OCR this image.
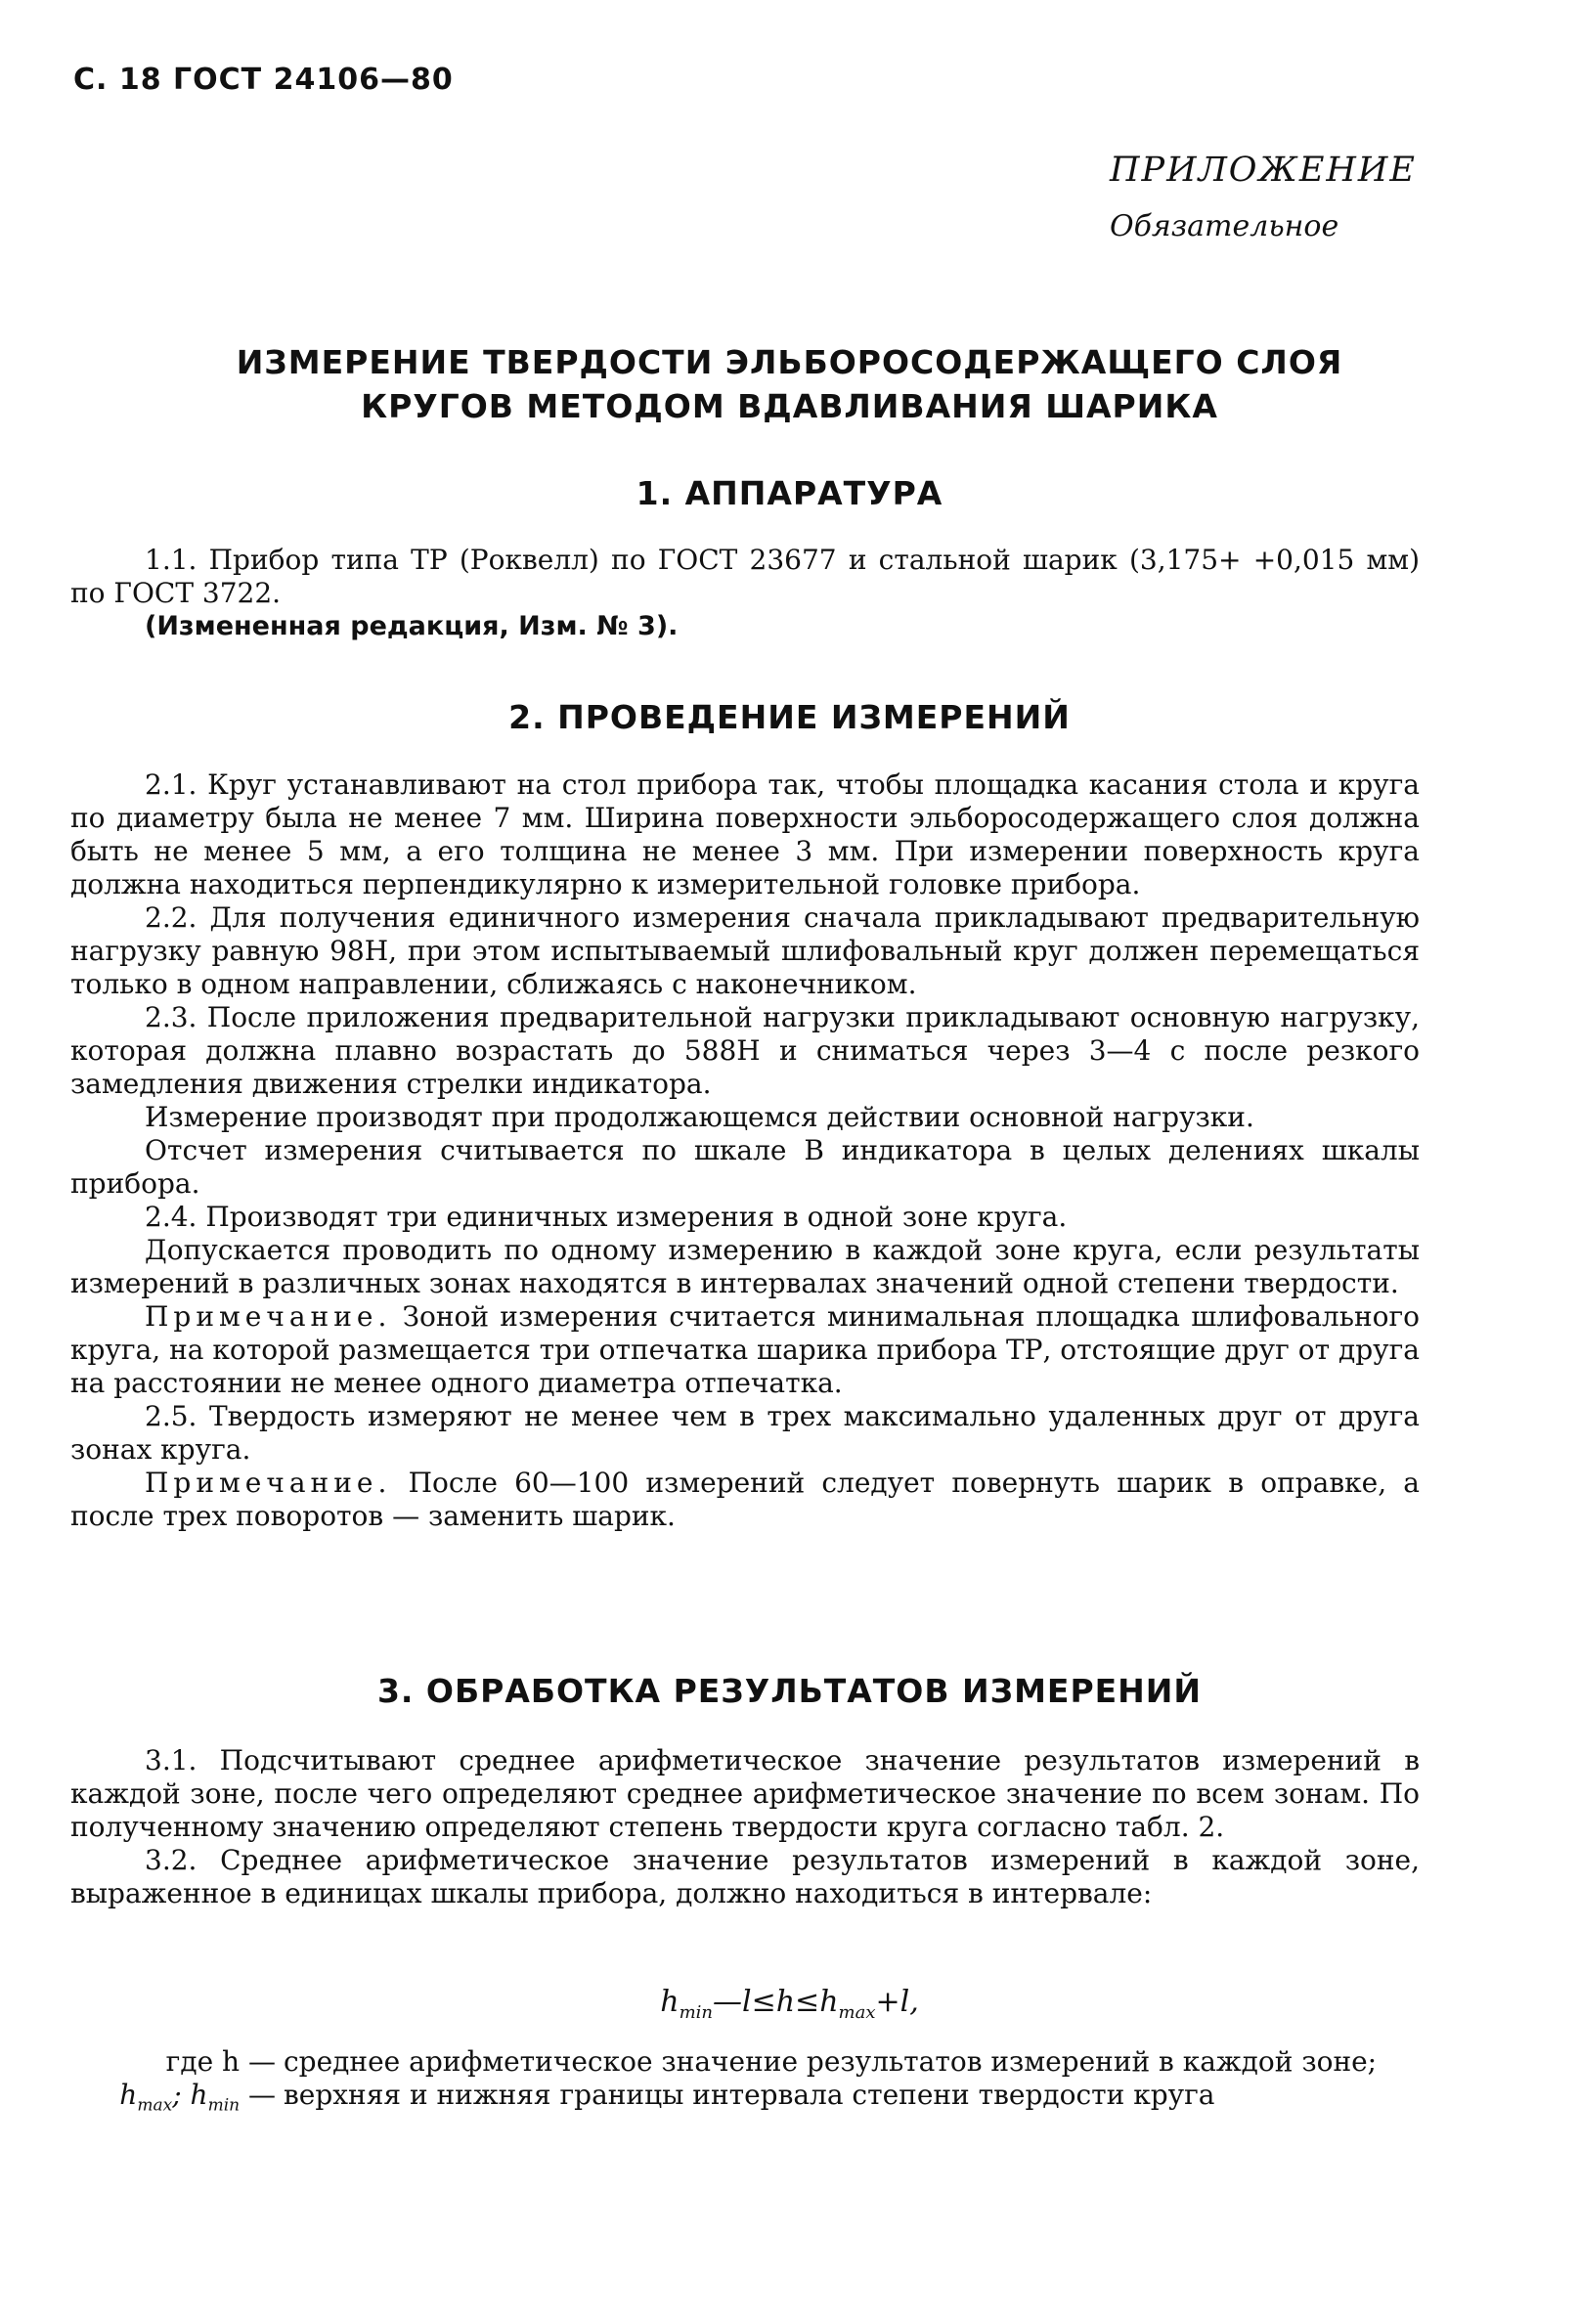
С. 18 ГОСТ 24106—80
ПРИЛОЖЕНИЕ
Обязательное
ИЗМЕРЕНИЕ ТВЕРДОСТИ ЭЛЬБОРОСОДЕРЖАЩЕГО СЛОЯ
КРУГОВ МЕТОДОМ ВДАВЛИВАНИЯ ШАРИКА
1. АППАРАТУРА

1.1. Прибор типа ТР (Роквелл) по ГОСТ 23677 и стальной шарик (3,175+ +0,015 мм) по ГОСТ 3722.

(Измененная редакция, Изм. № 3).

2. ПРОВЕДЕНИЕ ИЗМЕРЕНИЙ

2.1. Круг устанавливают на стол прибора так, чтобы площадка касания стола и круга по диаметру была не менее 7 мм. Ширина поверхности эльборосодержащего слоя должна быть не менее 5 мм, а его толщина не менее 3 мм. При измерении поверхность круга должна находиться перпендикулярно к измерительной головке прибора.

2.2. Для получения единичного измерения сначала прикладывают предварительную нагрузку равную 98Н, при этом испытываемый шлифовальный круг должен перемещаться только в одном направлении, сближаясь с наконечником.

2.3. После приложения предварительной нагрузки прикладывают основную нагрузку, которая должна плавно возрастать до 588Н и сниматься через 3—4 с после резкого замедления движения стрелки индикатора.

Измерение производят при продолжающемся действии основной нагрузки.

Отсчет измерения считывается по шкале В индикатора в целых делениях шкалы прибора.

2.4. Производят три единичных измерения в одной зоне круга.

Допускается проводить по одному измерению в каждой зоне круга, если результаты измерений в различных зонах находятся в интервалах значений одной степени твердости.

Примечание. Зоной измерения считается минимальная площадка шлифовального круга, на которой размещается три отпечатка шарика прибора ТР, отстоящие друг от друга на расстоянии не менее одного диаметра отпечатка.

2.5. Твердость измеряют не менее чем в трех максимально удаленных друг от друга зонах круга.

Примечание. После 60—100 измерений следует повернуть шарик в оправке, а после трех поворотов — заменить шарик.

3. ОБРАБОТКА РЕЗУЛЬТАТОВ ИЗМЕРЕНИЙ

3.1. Подсчитывают среднее арифметическое значение результатов измерений в каждой зоне, после чего определяют среднее арифметическое значение по всем зонам. По полученному значению определяют степень твердости круга согласно табл. 2.

3.2. Среднее арифметическое значение результатов измерений в каждой зоне, выраженное в единицах шкалы прибора, должно находиться в интервале:

$h_{min}—l\le h\le h_{max}+l$,
где h — среднее арифметическое значение результатов измерений в каждой зоне;
$h_{max}$; $h_{min}$ — верхняя и нижняя границы интервала степени твердости круга
